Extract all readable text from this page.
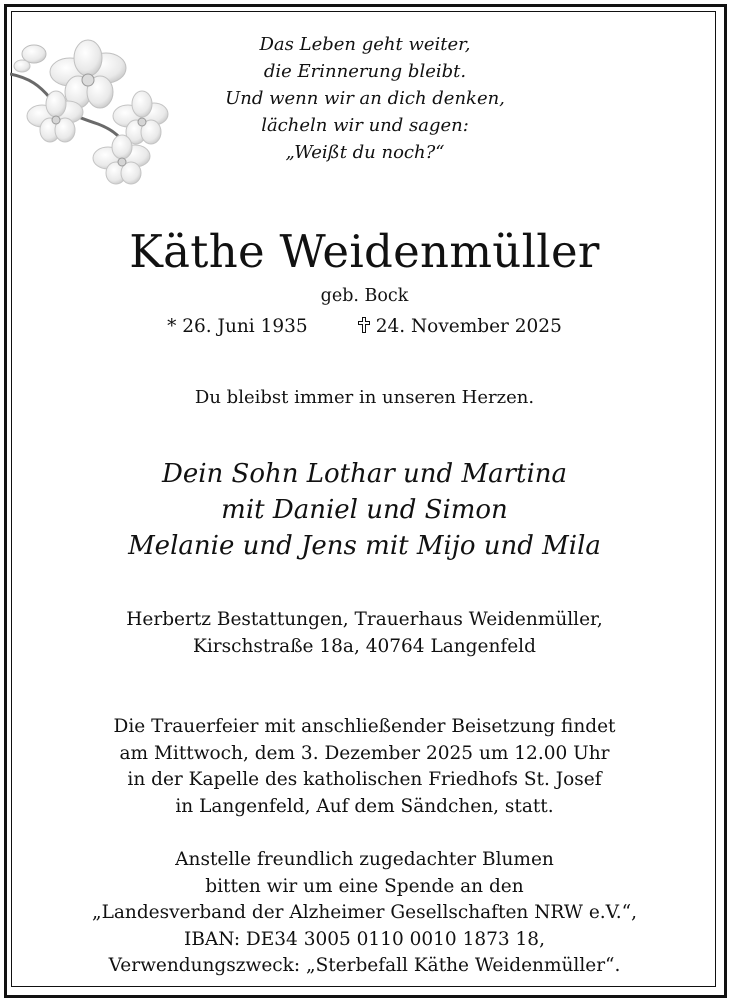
Das Leben geht weiter,
die Erinnerung bleibt.
Und wenn wir an dich denken,
lächeln wir und sagen:
„Weißt du noch?“
Käthe Weidenmüller
geb. Bock
* 26. Juni 1935	24. November 2025
Du bleibst immer in unseren Herzen.
Dein Sohn Lothar und Martina
mit Daniel und Simon
Melanie und Jens mit Mijo und Mila
Herbertz Bestattungen, Trauerhaus Weidenmüller,
Kirschstraße 18a, 40764 Langenfeld
Die Trauerfeier mit anschließender Beisetzung findet
am Mittwoch, dem 3. Dezember 2025 um 12.00 Uhr
in der Kapelle des katholischen Friedhofs St. Josef
in Langenfeld, Auf dem Sändchen, statt.
Anstelle freundlich zugedachter Blumen
bitten wir um eine Spende an den
„Landesverband der Alzheimer Gesellschaften NRW e.V.“,
IBAN: DE34 3005 0110 0010 1873 18,
Verwendungszweck: „Sterbefall Käthe Weidenmüller“.
